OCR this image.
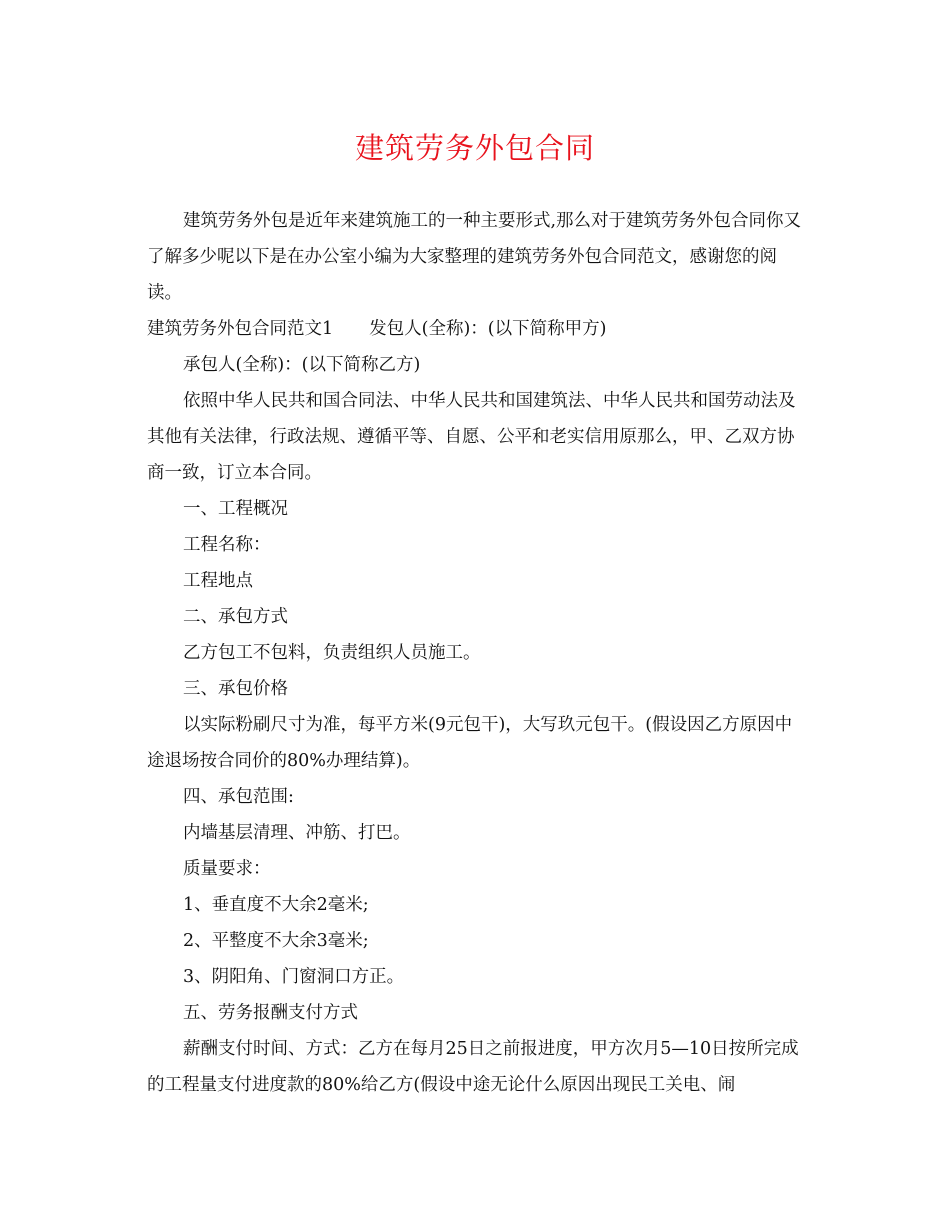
建筑劳务外包合同

建筑劳务外包是近年来建筑施工的一种主要形式,那么对于建筑劳务外包合同你又了解多少呢以下是在办公室小编为大家整理的建筑劳务外包合同范文，感谢您的阅读。

建筑劳务外包合同范文1 发包人(全称)：(以下简称甲方)

承包人(全称)：(以下简称乙方)

依照中华人民共和国合同法、中华人民共和国建筑法、中华人民共和国劳动法及其他有关法律，行政法规、遵循平等、自愿、公平和老实信用原那么，甲、乙双方协商一致，订立本合同。

一、工程概况

工程名称：

工程地点

二、承包方式

乙方包工不包料，负责组织人员施工。

三、承包价格

以实际粉刷尺寸为准，每平方米(9元包干)，大写玖元包干。(假设因乙方原因中途退场按合同价的80%办理结算)。

四、承包范围:

内墙基层清理、冲筋、打巴。

质量要求：

1、垂直度不大余2毫米;

2、平整度不大余3毫米;

3、阴阳角、门窗洞口方正。

五、劳务报酬支付方式

薪酬支付时间、方式：乙方在每月25日之前报进度，甲方次月5—10日按所完成的工程量支付进度款的80%给乙方(假设中途无论什么原因出现民工关电、闹
